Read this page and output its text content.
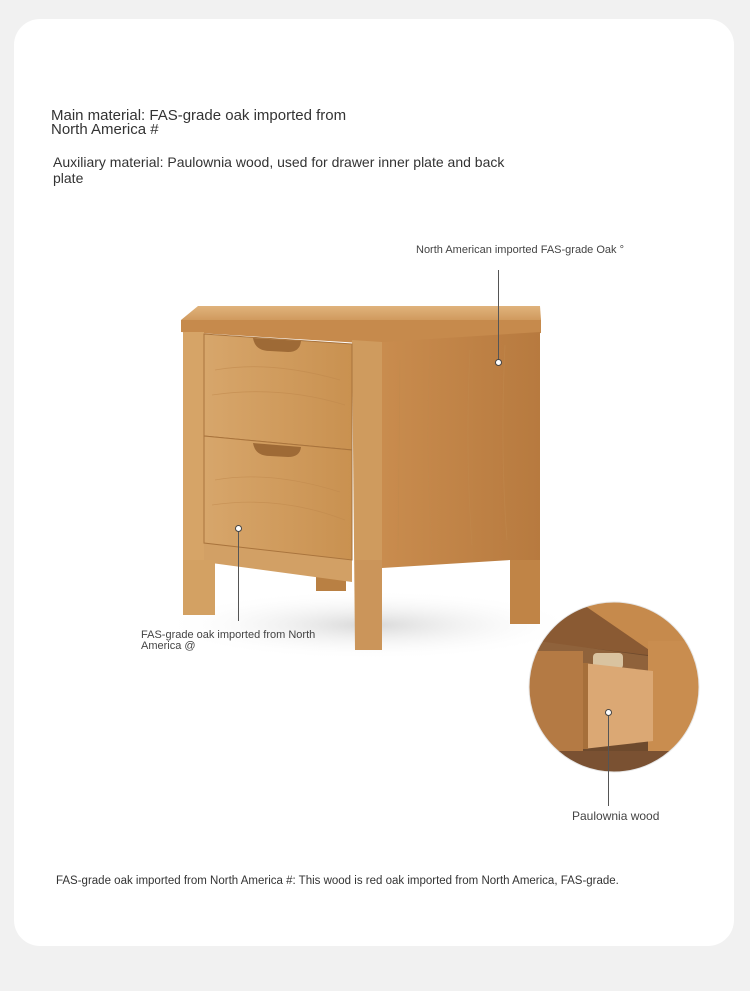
Main material: FAS-grade oak imported from North America #

Auxiliary material: Paulownia wood, used for drawer inner plate and back plate

North American imported FAS-grade Oak °

FAS-grade oak imported from North America @

Paulownia wood

FAS-grade oak imported from North America #: This wood is red oak imported from North America, FAS-grade.
